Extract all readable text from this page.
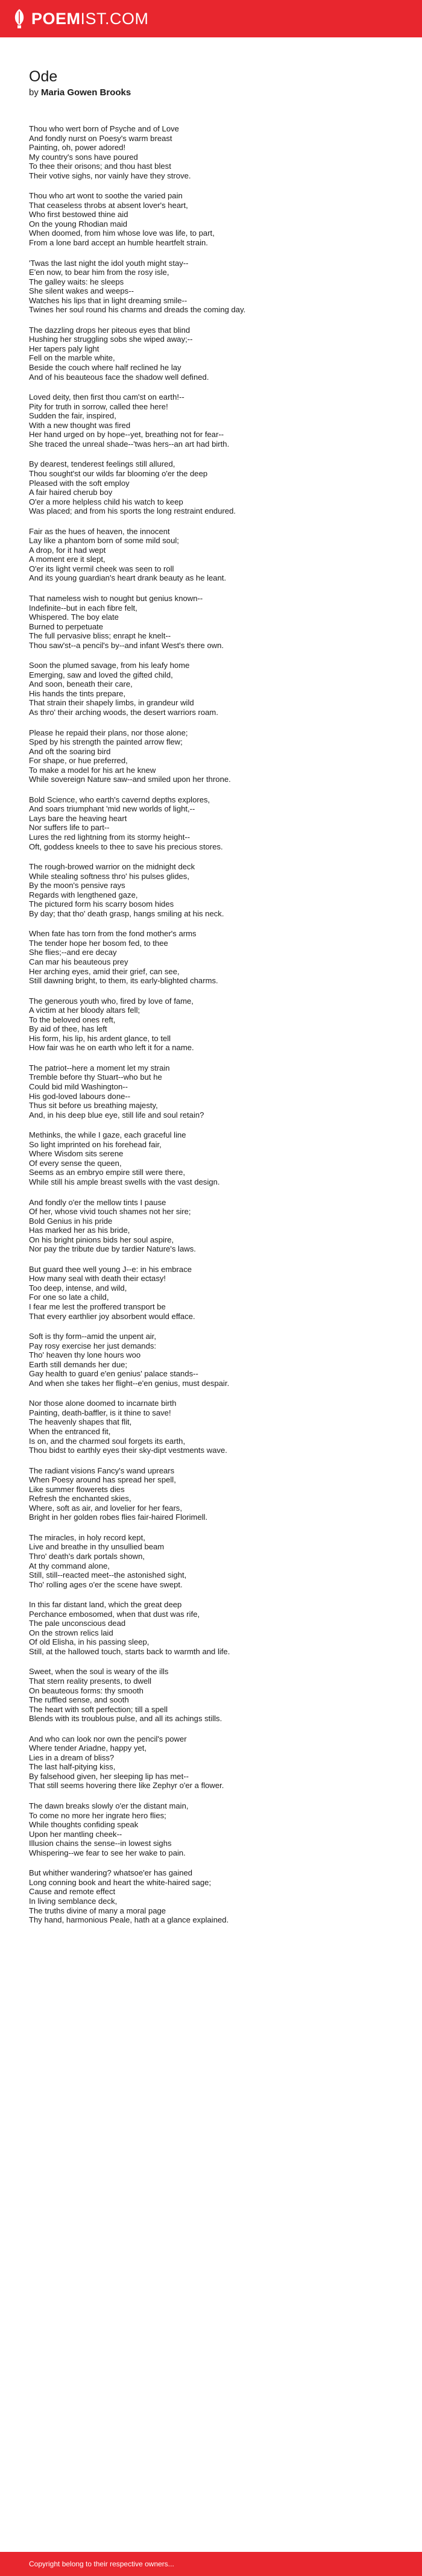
POEMIST.COM
Ode
by Maria Gowen Brooks
Thou who wert born of Psyche and of Love
And fondly nurst on Poesy's warm breast
Painting, oh, power adored!
My country's sons have poured
To thee their orisons; and thou hast blest
Their votive sighs, nor vainly have they strove.
Thou who art wont to soothe the varied pain
That ceaseless throbs at absent lover's heart,
Who first bestowed thine aid
On the young Rhodian maid
When doomed, from him whose love was life, to part,
From a lone bard accept an humble heartfelt strain.
'Twas the last night the idol youth might stay--
E'en now, to bear him from the rosy isle,
The galley waits: he sleeps
She silent wakes and weeps--
Watches his lips that in light dreaming smile--
Twines her soul round his charms and dreads the coming day.
The dazzling drops her piteous eyes that blind
Hushing her struggling sobs she wiped away;--
Her tapers paly light
Fell on the marble white,
Beside the couch where half reclined he lay
And of his beauteous face the shadow well defined.
Loved deity, then first thou cam'st on earth!--
Pity for truth in sorrow, called thee here!
Sudden the fair, inspired,
With a new thought was fired
Her hand urged on by hope--yet, breathing not for fear--
She traced the unreal shade--'twas hers--an art had birth.
By dearest, tenderest feelings still allured,
Thou sought'st our wilds far blooming o'er the deep
Pleased with the soft employ
A fair haired cherub boy
O'er a more helpless child his watch to keep
Was placed; and from his sports the long restraint endured.
Fair as the hues of heaven, the innocent
Lay like a phantom born of some mild soul;
A drop, for it had wept
A moment ere it slept,
O'er its light vermil cheek was seen to roll
And its young guardian's heart drank beauty as he leant.
That nameless wish to nought but genius known--
Indefinite--but in each fibre felt,
Whispered. The boy elate
Burned to perpetuate
The full pervasive bliss; enrapt he knelt--
Thou saw'st--a pencil's by--and infant West's there own.
Soon the plumed savage, from his leafy home
Emerging, saw and loved the gifted child,
And soon, beneath their care,
His hands the tints prepare,
That strain their shapely limbs, in grandeur wild
As thro' their arching woods, the desert warriors roam.
Please he repaid their plans, nor those alone;
Sped by his strength the painted arrow flew;
And oft the soaring bird
For shape, or hue preferred,
To make a model for his art he knew
While sovereign Nature saw--and smiled upon her throne.
Bold Science, who earth's cavernd depths explores,
And soars triumphant 'mid new worlds of light,--
Lays bare the heaving heart
Nor suffers life to part--
Lures the red lightning from its stormy height--
Oft, goddess kneels to thee to save his precious stores.
The rough-browed warrior on the midnight deck
While stealing softness thro' his pulses glides,
By the moon's pensive rays
Regards with lengthened gaze,
The pictured form his scarry bosom hides
By day; that tho' death grasp, hangs smiling at his neck.
When fate has torn from the fond mother's arms
The tender hope her bosom fed, to thee
She flies;--and ere decay
Can mar his beauteous prey
Her arching eyes, amid their grief, can see,
Still dawning bright, to them, its early-blighted charms.
The generous youth who, fired by love of fame,
A victim at her bloody altars fell;
To the beloved ones reft,
By aid of thee, has left
His form, his lip, his ardent glance, to tell
How fair was he on earth who left it for a name.
The patriot--here a moment let my strain
Tremble before thy Stuart--who but he
Could bid mild Washington--
His god-loved labours done--
Thus sit before us breathing majesty,
And, in his deep blue eye, still life and soul retain?
Methinks, the while I gaze, each graceful line
So light imprinted on his forehead fair,
Where Wisdom sits serene
Of every sense the queen,
Seems as an embryo empire still were there,
While still his ample breast swells with the vast design.
And fondly o'er the mellow tints I pause
Of her, whose vivid touch shames not her sire;
Bold Genius in his pride
Has marked her as his bride,
On his bright pinions bids her soul aspire,
Nor pay the tribute due by tardier Nature's laws.
But guard thee well young J--e: in his embrace
How many seal with death their ectasy!
Too deep, intense, and wild,
For one so late a child,
I fear me lest the proffered transport be
That every earthlier joy absorbent would efface.
Soft is thy form--amid the unpent air,
Pay rosy exercise her just demands:
Tho' heaven thy lone hours woo
Earth still demands her due;
Gay health to guard e'en genius' palace stands--
And when she takes her flight--e'en genius, must despair.
Nor those alone doomed to incarnate birth
Painting, death-baffler, is it thine to save!
The heavenly shapes that flit,
When the entranced fit,
Is on, and the charmed soul forgets its earth,
Thou bidst to earthly eyes their sky-dipt vestments wave.
The radiant visions Fancy's wand uprears
When Poesy around has spread her spell,
Like summer flowerets dies
Refresh the enchanted skies,
Where, soft as air, and lovelier for her fears,
Bright in her golden robes flies fair-haired Florimell.
The miracles, in holy record kept,
Live and breathe in thy unsullied beam
Thro' death's dark portals shown,
At thy command alone,
Still, still--reacted meet--the astonished sight,
Tho' rolling ages o'er the scene have swept.
In this far distant land, which the great deep
Perchance embosomed, when that dust was rife,
The pale unconscious dead
On the strown relics laid
Of old Elisha, in his passing sleep,
Still, at the hallowed touch, starts back to warmth and life.
Sweet, when the soul is weary of the ills
That stern reality presents, to dwell
On beauteous forms: thy smooth
The ruffled sense, and sooth
The heart with soft perfection; till a spell
Blends with its troublous pulse, and all its achings stills.
And who can look nor own the pencil's power
Where tender Ariadne, happy yet,
Lies in a dream of bliss?
The last half-pitying kiss,
By falsehood given, her sleeping lip has met--
That still seems hovering there like Zephyr o'er a flower.
The dawn breaks slowly o'er the distant main,
To come no more her ingrate hero flies;
While thoughts confiding speak
Upon her mantling cheek--
Illusion chains the sense--in lowest sighs
Whispering--we fear to see her wake to pain.
But whither wandering? whatsoe'er has gained
Long conning book and heart the white-haired sage;
Cause and remote effect
In living semblance deck,
The truths divine of many a moral page
Thy hand, harmonious Peale, hath at a glance explained.
Copyright belong to their respective owners...
